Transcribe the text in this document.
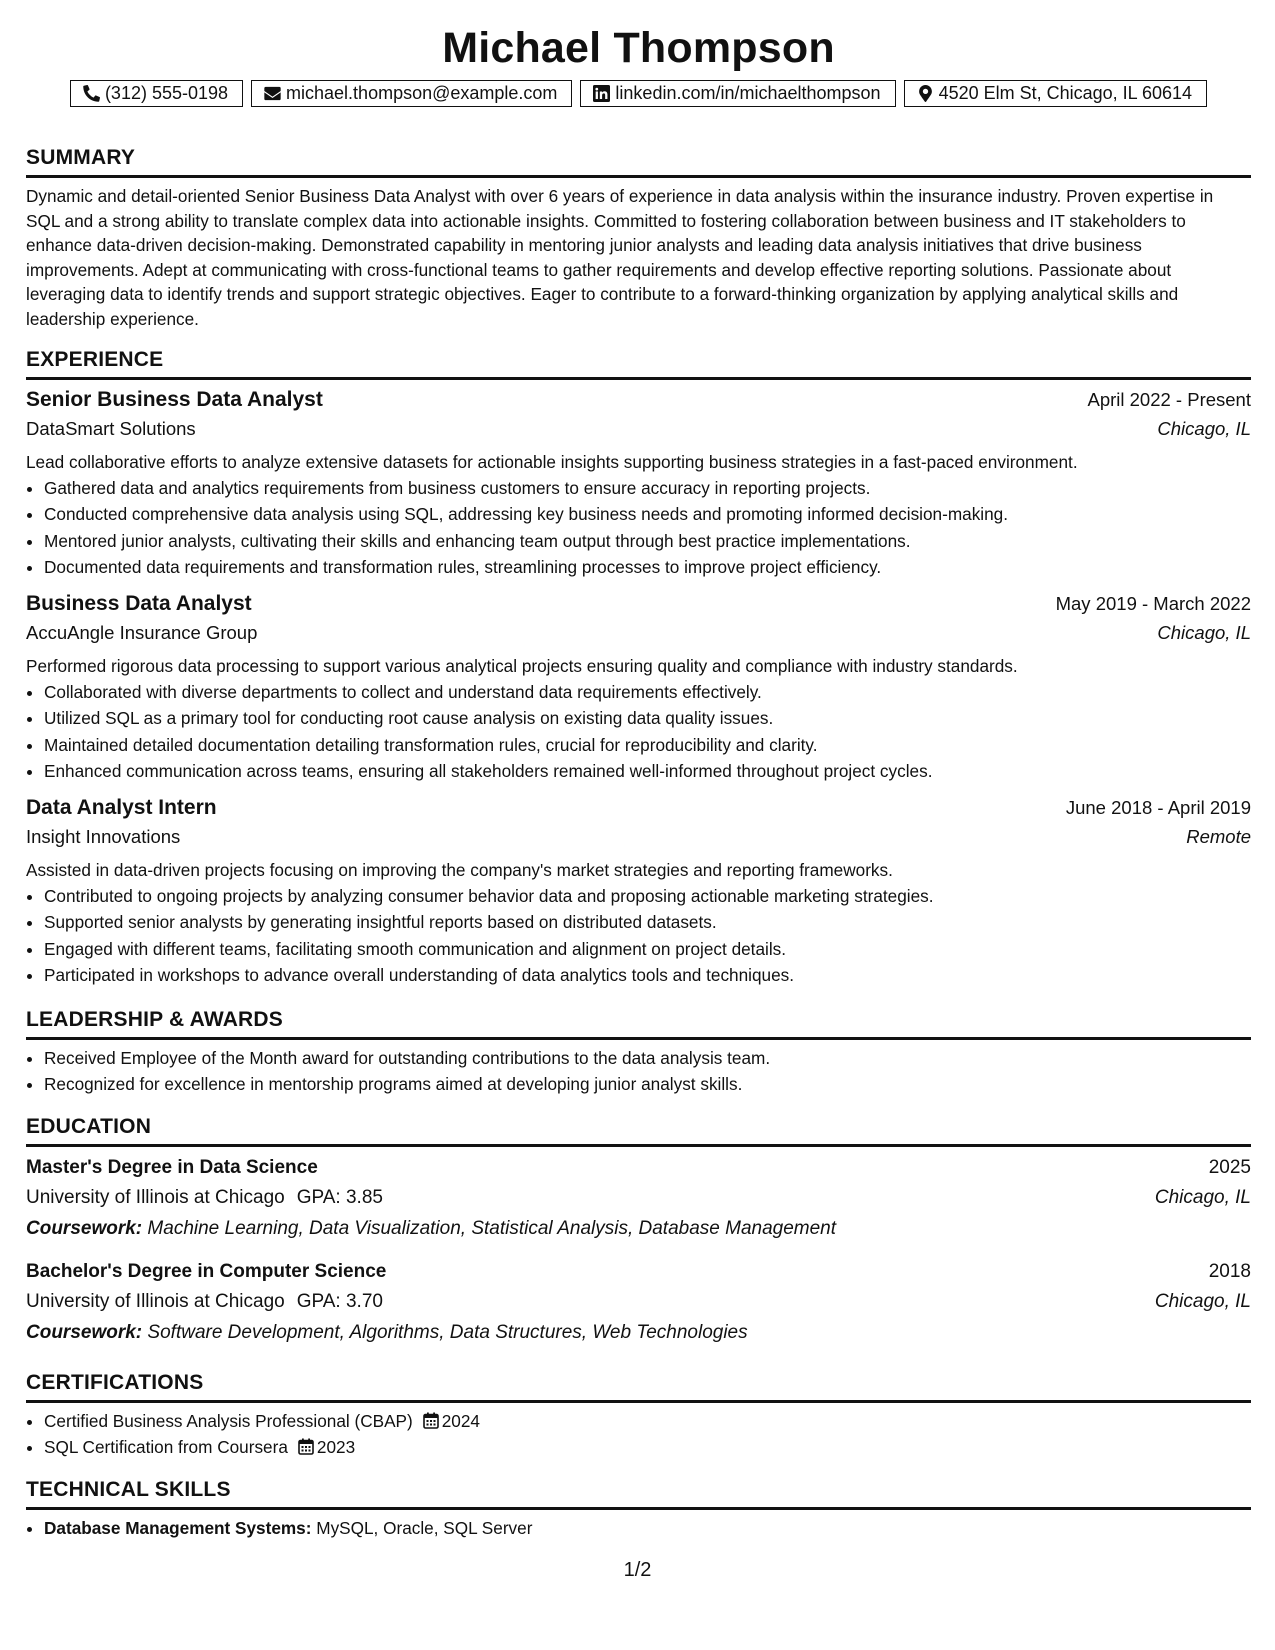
Michael Thompson
(312) 555-0198	michael.thompson@example.com	linkedin.com/in/michaelthompson	4520 Elm St, Chicago, IL 60614
SUMMARY
Dynamic and detail-oriented Senior Business Data Analyst with over 6 years of experience in data analysis within the insurance industry. Proven expertise in SQL and a strong ability to translate complex data into actionable insights. Committed to fostering collaboration between business and IT stakeholders to enhance data-driven decision-making. Demonstrated capability in mentoring junior analysts and leading data analysis initiatives that drive business improvements. Adept at communicating with cross-functional teams to gather requirements and develop effective reporting solutions. Passionate about leveraging data to identify trends and support strategic objectives. Eager to contribute to a forward-thinking organization by applying analytical skills and leadership experience.
EXPERIENCE
Senior Business Data Analyst	April 2022 - Present
DataSmart Solutions	Chicago, IL
Lead collaborative efforts to analyze extensive datasets for actionable insights supporting business strategies in a fast-paced environment.
• Gathered data and analytics requirements from business customers to ensure accuracy in reporting projects.
• Conducted comprehensive data analysis using SQL, addressing key business needs and promoting informed decision-making.
• Mentored junior analysts, cultivating their skills and enhancing team output through best practice implementations.
• Documented data requirements and transformation rules, streamlining processes to improve project efficiency.
Business Data Analyst	May 2019 - March 2022
AccuAngle Insurance Group	Chicago, IL
Performed rigorous data processing to support various analytical projects ensuring quality and compliance with industry standards.
• Collaborated with diverse departments to collect and understand data requirements effectively.
• Utilized SQL as a primary tool for conducting root cause analysis on existing data quality issues.
• Maintained detailed documentation detailing transformation rules, crucial for reproducibility and clarity.
• Enhanced communication across teams, ensuring all stakeholders remained well-informed throughout project cycles.
Data Analyst Intern	June 2018 - April 2019
Insight Innovations	Remote
Assisted in data-driven projects focusing on improving the company's market strategies and reporting frameworks.
• Contributed to ongoing projects by analyzing consumer behavior data and proposing actionable marketing strategies.
• Supported senior analysts by generating insightful reports based on distributed datasets.
• Engaged with different teams, facilitating smooth communication and alignment on project details.
• Participated in workshops to advance overall understanding of data analytics tools and techniques.
LEADERSHIP & AWARDS
• Received Employee of the Month award for outstanding contributions to the data analysis team.
• Recognized for excellence in mentorship programs aimed at developing junior analyst skills.
EDUCATION
Master's Degree in Data Science	2025
University of Illinois at Chicago GPA: 3.85	Chicago, IL
Coursework: Machine Learning, Data Visualization, Statistical Analysis, Database Management
Bachelor's Degree in Computer Science	2018
University of Illinois at Chicago GPA: 3.70	Chicago, IL
Coursework: Software Development, Algorithms, Data Structures, Web Technologies
CERTIFICATIONS
• Certified Business Analysis Professional (CBAP) 2024
• SQL Certification from Coursera 2023
TECHNICAL SKILLS
• Database Management Systems: MySQL, Oracle, SQL Server
1/2
